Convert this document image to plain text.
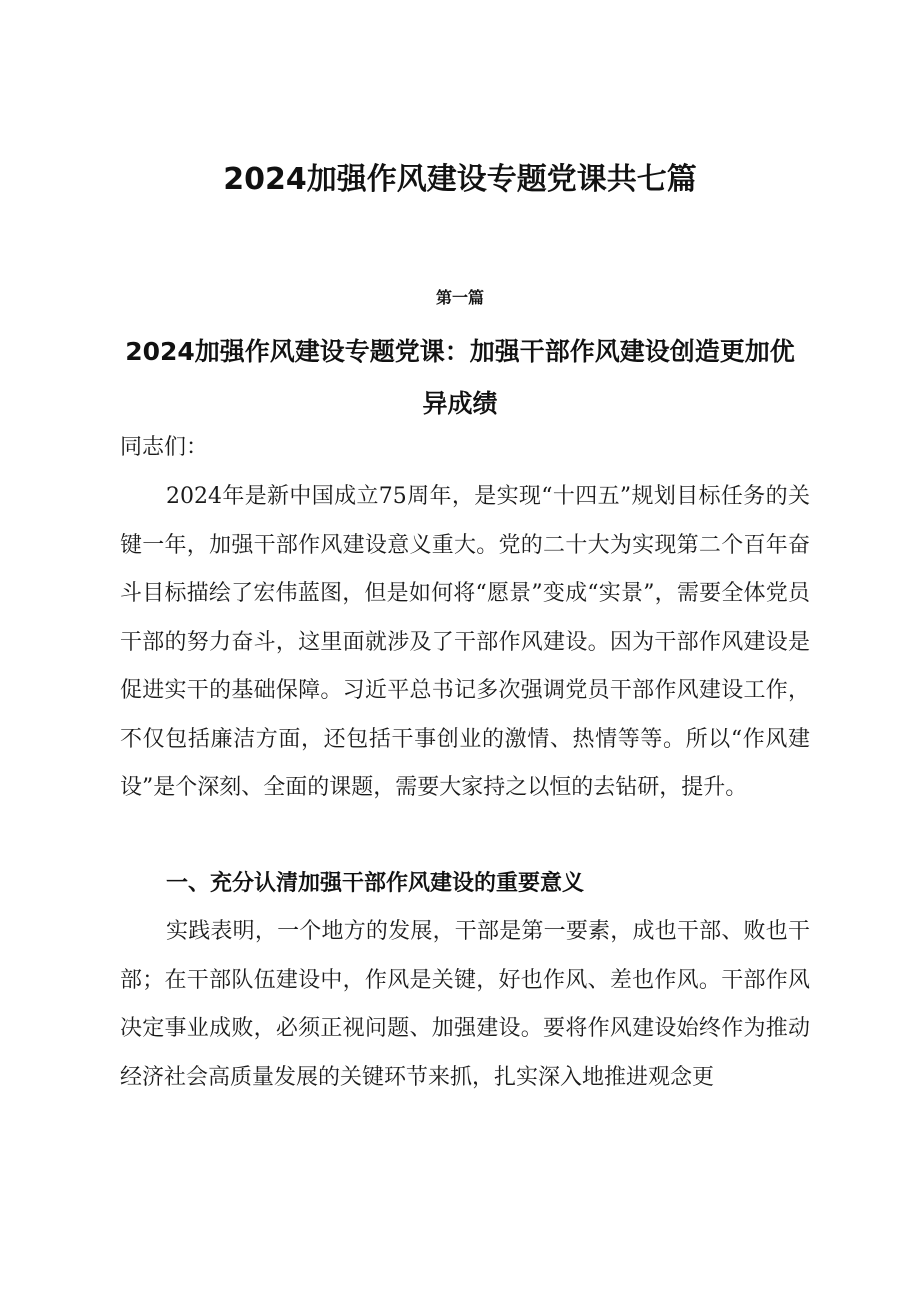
2024加强作风建设专题党课共七篇
第一篇
2024加强作风建设专题党课：加强干部作风建设创造更加优异成绩
同志们：

2024年是新中国成立75周年，是实现“十四五”规划目标任务的关键一年，加强干部作风建设意义重大。党的二十大为实现第二个百年奋斗目标描绘了宏伟蓝图，但是如何将“愿景”变成“实景”，需要全体党员干部的努力奋斗，这里面就涉及了干部作风建设。因为干部作风建设是促进实干的基础保障。习近平总书记多次强调党员干部作风建设工作，不仅包括廉洁方面，还包括干事创业的激情、热情等等。所以“作风建设”是个深刻、全面的课题，需要大家持之以恒的去钻研，提升。

一、充分认清加强干部作风建设的重要意义

实践表明，一个地方的发展，干部是第一要素，成也干部、败也干部；在干部队伍建设中，作风是关键，好也作风、差也作风。干部作风决定事业成败，必须正视问题、加强建设。要将作风建设始终作为推动经济社会高质量发展的关键环节来抓，扎实深入地推进观念更
